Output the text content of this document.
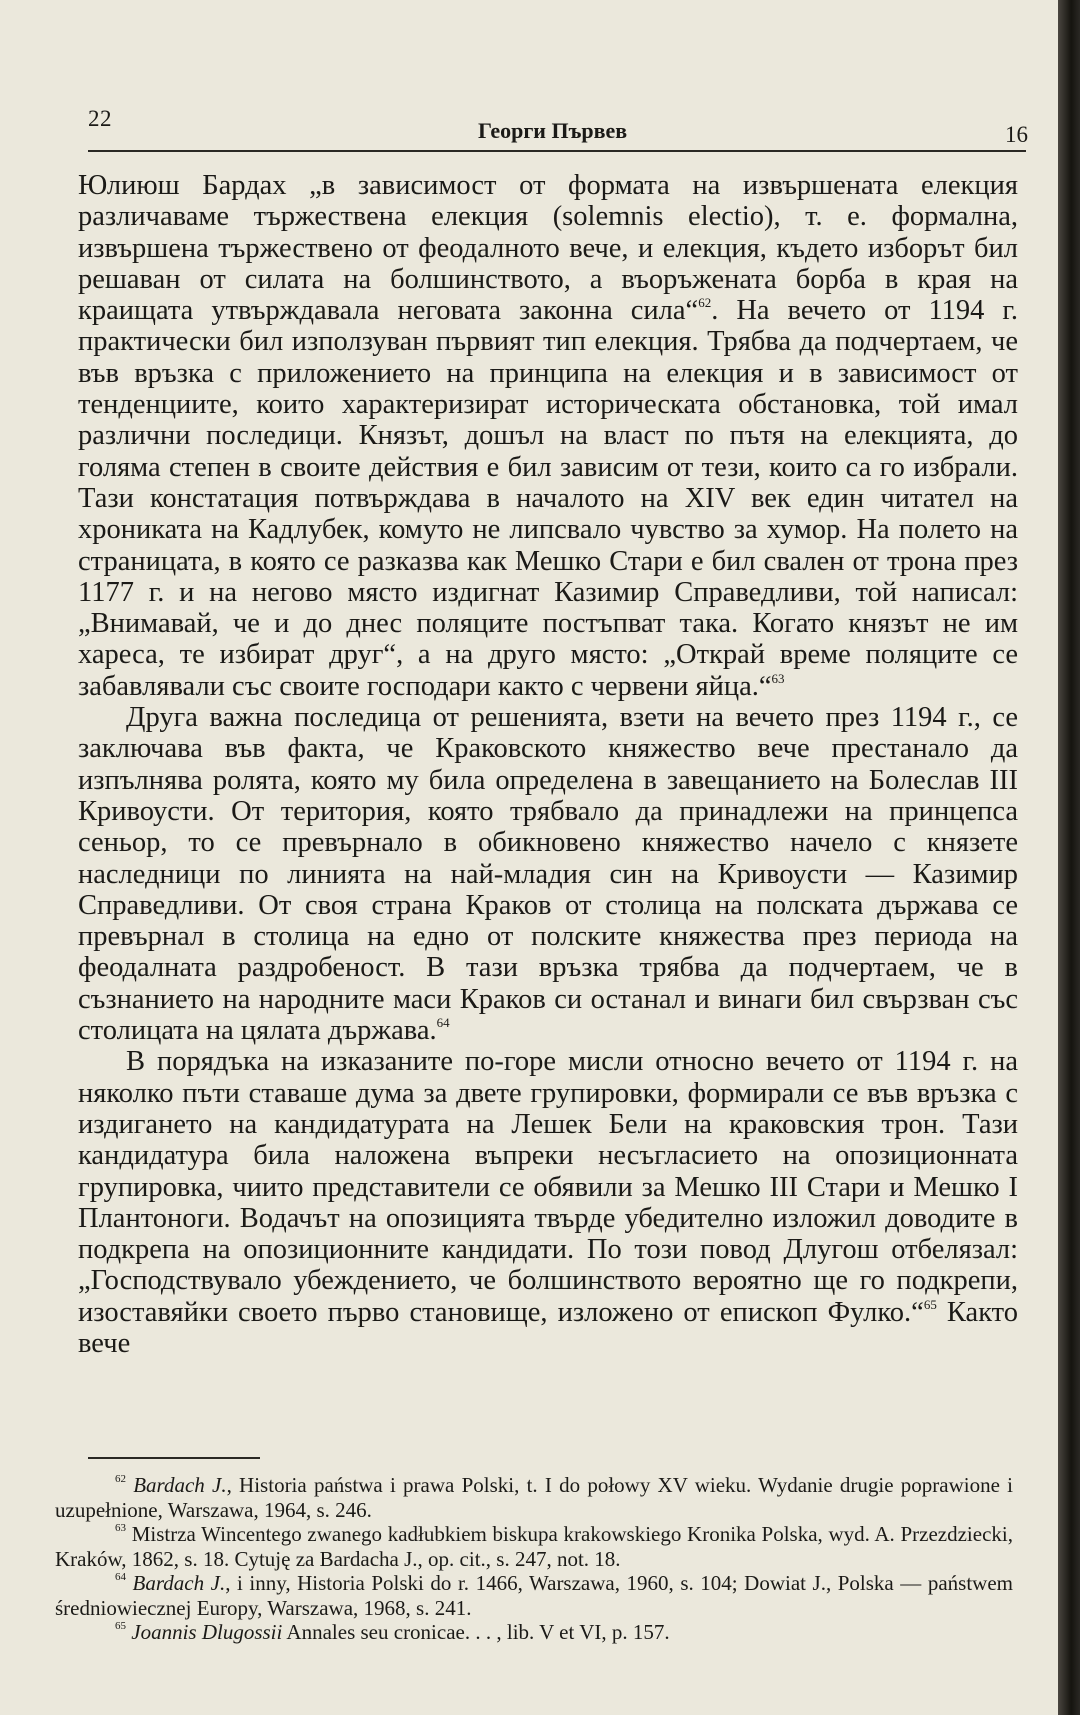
22	Георги Първев	16

Юлиюш Бардах „в зависимост от формата на извършената елекция различаваме тържествена елекция (solemnis electio), т. е. формална, извършена тържествено от феодалното вече, и елекция, където изборът бил решаван от силата на болшинството, а въоръжената борба в края на краищата утвърждавала неговата законна сила“$^{62}$. На вечето от 1194 г. практически бил използуван първият тип елекция. Трябва да подчертаем, че във връзка с приложението на принципа на елекция и в зависимост от тенденциите, които характеризират историческата обстановка, той имал различни последици. Князът, дошъл на власт по пътя на елекцията, до голяма степен в своите действия е бил зависим от тези, които са го избрали. Тази констатация потвърждава в началото на XIV век един читател на хрониката на Кадлубек, комуто не липсвало чувство за хумор. На полето на страницата, в която се разказва как Мешко Стари е бил свален от трона през 1177 г. и на негово място издигнат Казимир Справедливи, той написал: „Внимавай, че и до днес поляците постъпват така. Когато князът не им хареса, те избират друг“, а на друго място: „Открай време поляците се забавлявали със своите господари както с червени яйца.“$^{63}$

Друга важна последица от решенията, взети на вечето през 1194 г., се заключава във факта, че Краковското княжество вече престанало да изпълнява ролята, която му била определена в завещанието на Болеслав III Кривоусти. От територия, която трябвало да принадлежи на принцепса сеньор, то се превърнало в обикновено княжество начело с князете наследници по линията на най-младия син на Кривоусти — Казимир Справедливи. От своя страна Краков от столица на полската държава се превърнал в столица на едно от полските княжества през периода на феодалната раздробеност. В тази връзка трябва да подчертаем, че в съзнанието на народните маси Краков си останал и винаги бил свързван със столицата на цялата държава.$^{64}$

В порядъка на изказаните по-горе мисли относно вечето от 1194 г. на няколко пъти ставаше дума за двете групировки, формирали се във връзка с издигането на кандидатурата на Лешек Бели на краковския трон. Тази кандидатура била наложена въпреки несъгласието на опозиционната групировка, чиито представители се обявили за Мешко III Стари и Мешко I Плантоноги. Водачът на опозицията твърде убедително изложил доводите в подкрепа на опозиционните кандидати. По този повод Длугош отбелязал: „Господствувало убеждението, че болшинството вероятно ще го подкрепи, изоставяйки своето първо становище, изложено от епископ Фулко.“$^{65}$ Както вече

$^{62}$ Bardach J., Historia państwa i prawa Polski, t. I do połowy XV wieku. Wydanie drugie poprawione i uzupełnione, Warszawa, 1964, s. 246.

$^{63}$ Mistrza Wincentego zwanego kadłubkiem biskupa krakowskiego Kronika Polska, wyd. A. Przezdziecki, Kraków, 1862, s. 18. Cytuję za Bardacha J., op. cit., s. 247, not. 18.

$^{64}$ Bardach J., i inny, Historia Polski do r. 1466, Warszawa, 1960, s. 104; Dowiat J., Polska — państwem średniowiecznej Europy, Warszawa, 1968, s. 241.

$^{65}$ Joannis Dlugossii Annales seu cronicae. . . , lib. V et VI, p. 157.
